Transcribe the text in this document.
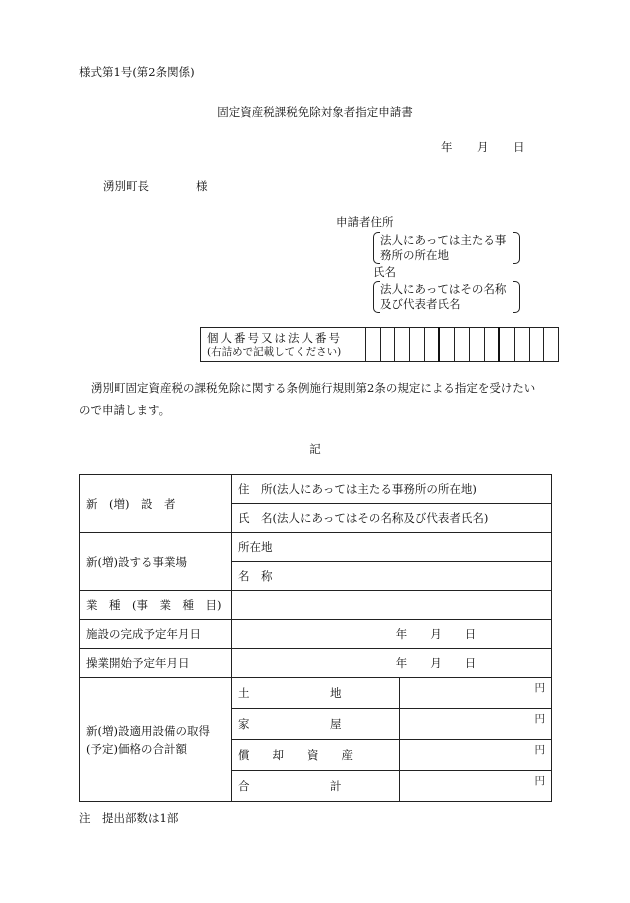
様式第1号(第2条関係)
固定資産税課税免除対象者指定申請書
年 月 日
湧別町長	様
申請者住所
法人にあっては主たる事
務所の所在地
氏名
法人にあってはその名称
及び代表者氏名
個人番号又は法人番号
(右詰めで記載してください)

湧別町固定資産税の課税免除に関する条例施行規則第2条の規定による指定を受けたい
ので申請します。
記
新　(増)　設　者	住　所(法人にあっては主たる事務所の所在地)	
	氏　名(法人にあってはその名称及び代表者氏名)	
新(増)設する事業場	所在地	
	名　称	
業　種　(事　業　種　目)		
施設の完成予定年月日	年　　月　　日	
操業開始予定年月日	年　　月　　日	

新(増)設適用設備の取得
(予定)価格の合計額	土　　　　　　　地	円
	家　　　　　　　屋	円
	償　　却　　資　　産	円
	合　　　　　　　計	円
注　提出部数は1部
